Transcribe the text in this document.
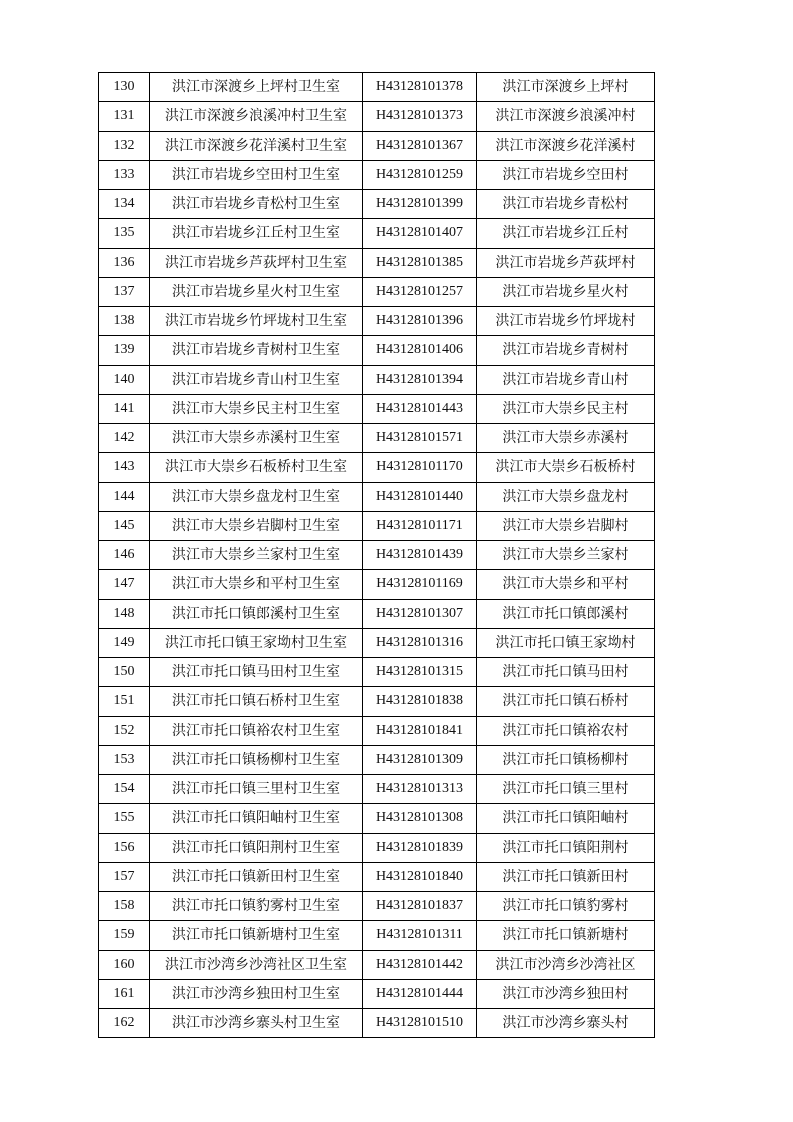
130	洪江市深渡乡上坪村卫生室	H43128101378	洪江市深渡乡上坪村
131	洪江市深渡乡浪溪冲村卫生室	H43128101373	洪江市深渡乡浪溪冲村
132	洪江市深渡乡花洋溪村卫生室	H43128101367	洪江市深渡乡花洋溪村
133	洪江市岩垅乡空田村卫生室	H43128101259	洪江市岩垅乡空田村
134	洪江市岩垅乡青松村卫生室	H43128101399	洪江市岩垅乡青松村
135	洪江市岩垅乡江丘村卫生室	H43128101407	洪江市岩垅乡江丘村
136	洪江市岩垅乡芦荻坪村卫生室	H43128101385	洪江市岩垅乡芦荻坪村
137	洪江市岩垅乡星火村卫生室	H43128101257	洪江市岩垅乡星火村
138	洪江市岩垅乡竹坪垅村卫生室	H43128101396	洪江市岩垅乡竹坪垅村
139	洪江市岩垅乡青树村卫生室	H43128101406	洪江市岩垅乡青树村
140	洪江市岩垅乡青山村卫生室	H43128101394	洪江市岩垅乡青山村
141	洪江市大崇乡民主村卫生室	H43128101443	洪江市大崇乡民主村
142	洪江市大崇乡赤溪村卫生室	H43128101571	洪江市大崇乡赤溪村
143	洪江市大崇乡石板桥村卫生室	H43128101170	洪江市大崇乡石板桥村
144	洪江市大崇乡盘龙村卫生室	H43128101440	洪江市大崇乡盘龙村
145	洪江市大崇乡岩脚村卫生室	H43128101171	洪江市大崇乡岩脚村
146	洪江市大崇乡兰家村卫生室	H43128101439	洪江市大崇乡兰家村
147	洪江市大崇乡和平村卫生室	H43128101169	洪江市大崇乡和平村
148	洪江市托口镇郎溪村卫生室	H43128101307	洪江市托口镇郎溪村
149	洪江市托口镇王家坳村卫生室	H43128101316	洪江市托口镇王家坳村
150	洪江市托口镇马田村卫生室	H43128101315	洪江市托口镇马田村
151	洪江市托口镇石桥村卫生室	H43128101838	洪江市托口镇石桥村
152	洪江市托口镇裕农村卫生室	H43128101841	洪江市托口镇裕农村
153	洪江市托口镇杨柳村卫生室	H43128101309	洪江市托口镇杨柳村
154	洪江市托口镇三里村卫生室	H43128101313	洪江市托口镇三里村
155	洪江市托口镇阳岫村卫生室	H43128101308	洪江市托口镇阳岫村
156	洪江市托口镇阳荆村卫生室	H43128101839	洪江市托口镇阳荆村
157	洪江市托口镇新田村卫生室	H43128101840	洪江市托口镇新田村
158	洪江市托口镇豹雾村卫生室	H43128101837	洪江市托口镇豹雾村
159	洪江市托口镇新塘村卫生室	H43128101311	洪江市托口镇新塘村
160	洪江市沙湾乡沙湾社区卫生室	H43128101442	洪江市沙湾乡沙湾社区
161	洪江市沙湾乡独田村卫生室	H43128101444	洪江市沙湾乡独田村
162	洪江市沙湾乡寨头村卫生室	H43128101510	洪江市沙湾乡寨头村
